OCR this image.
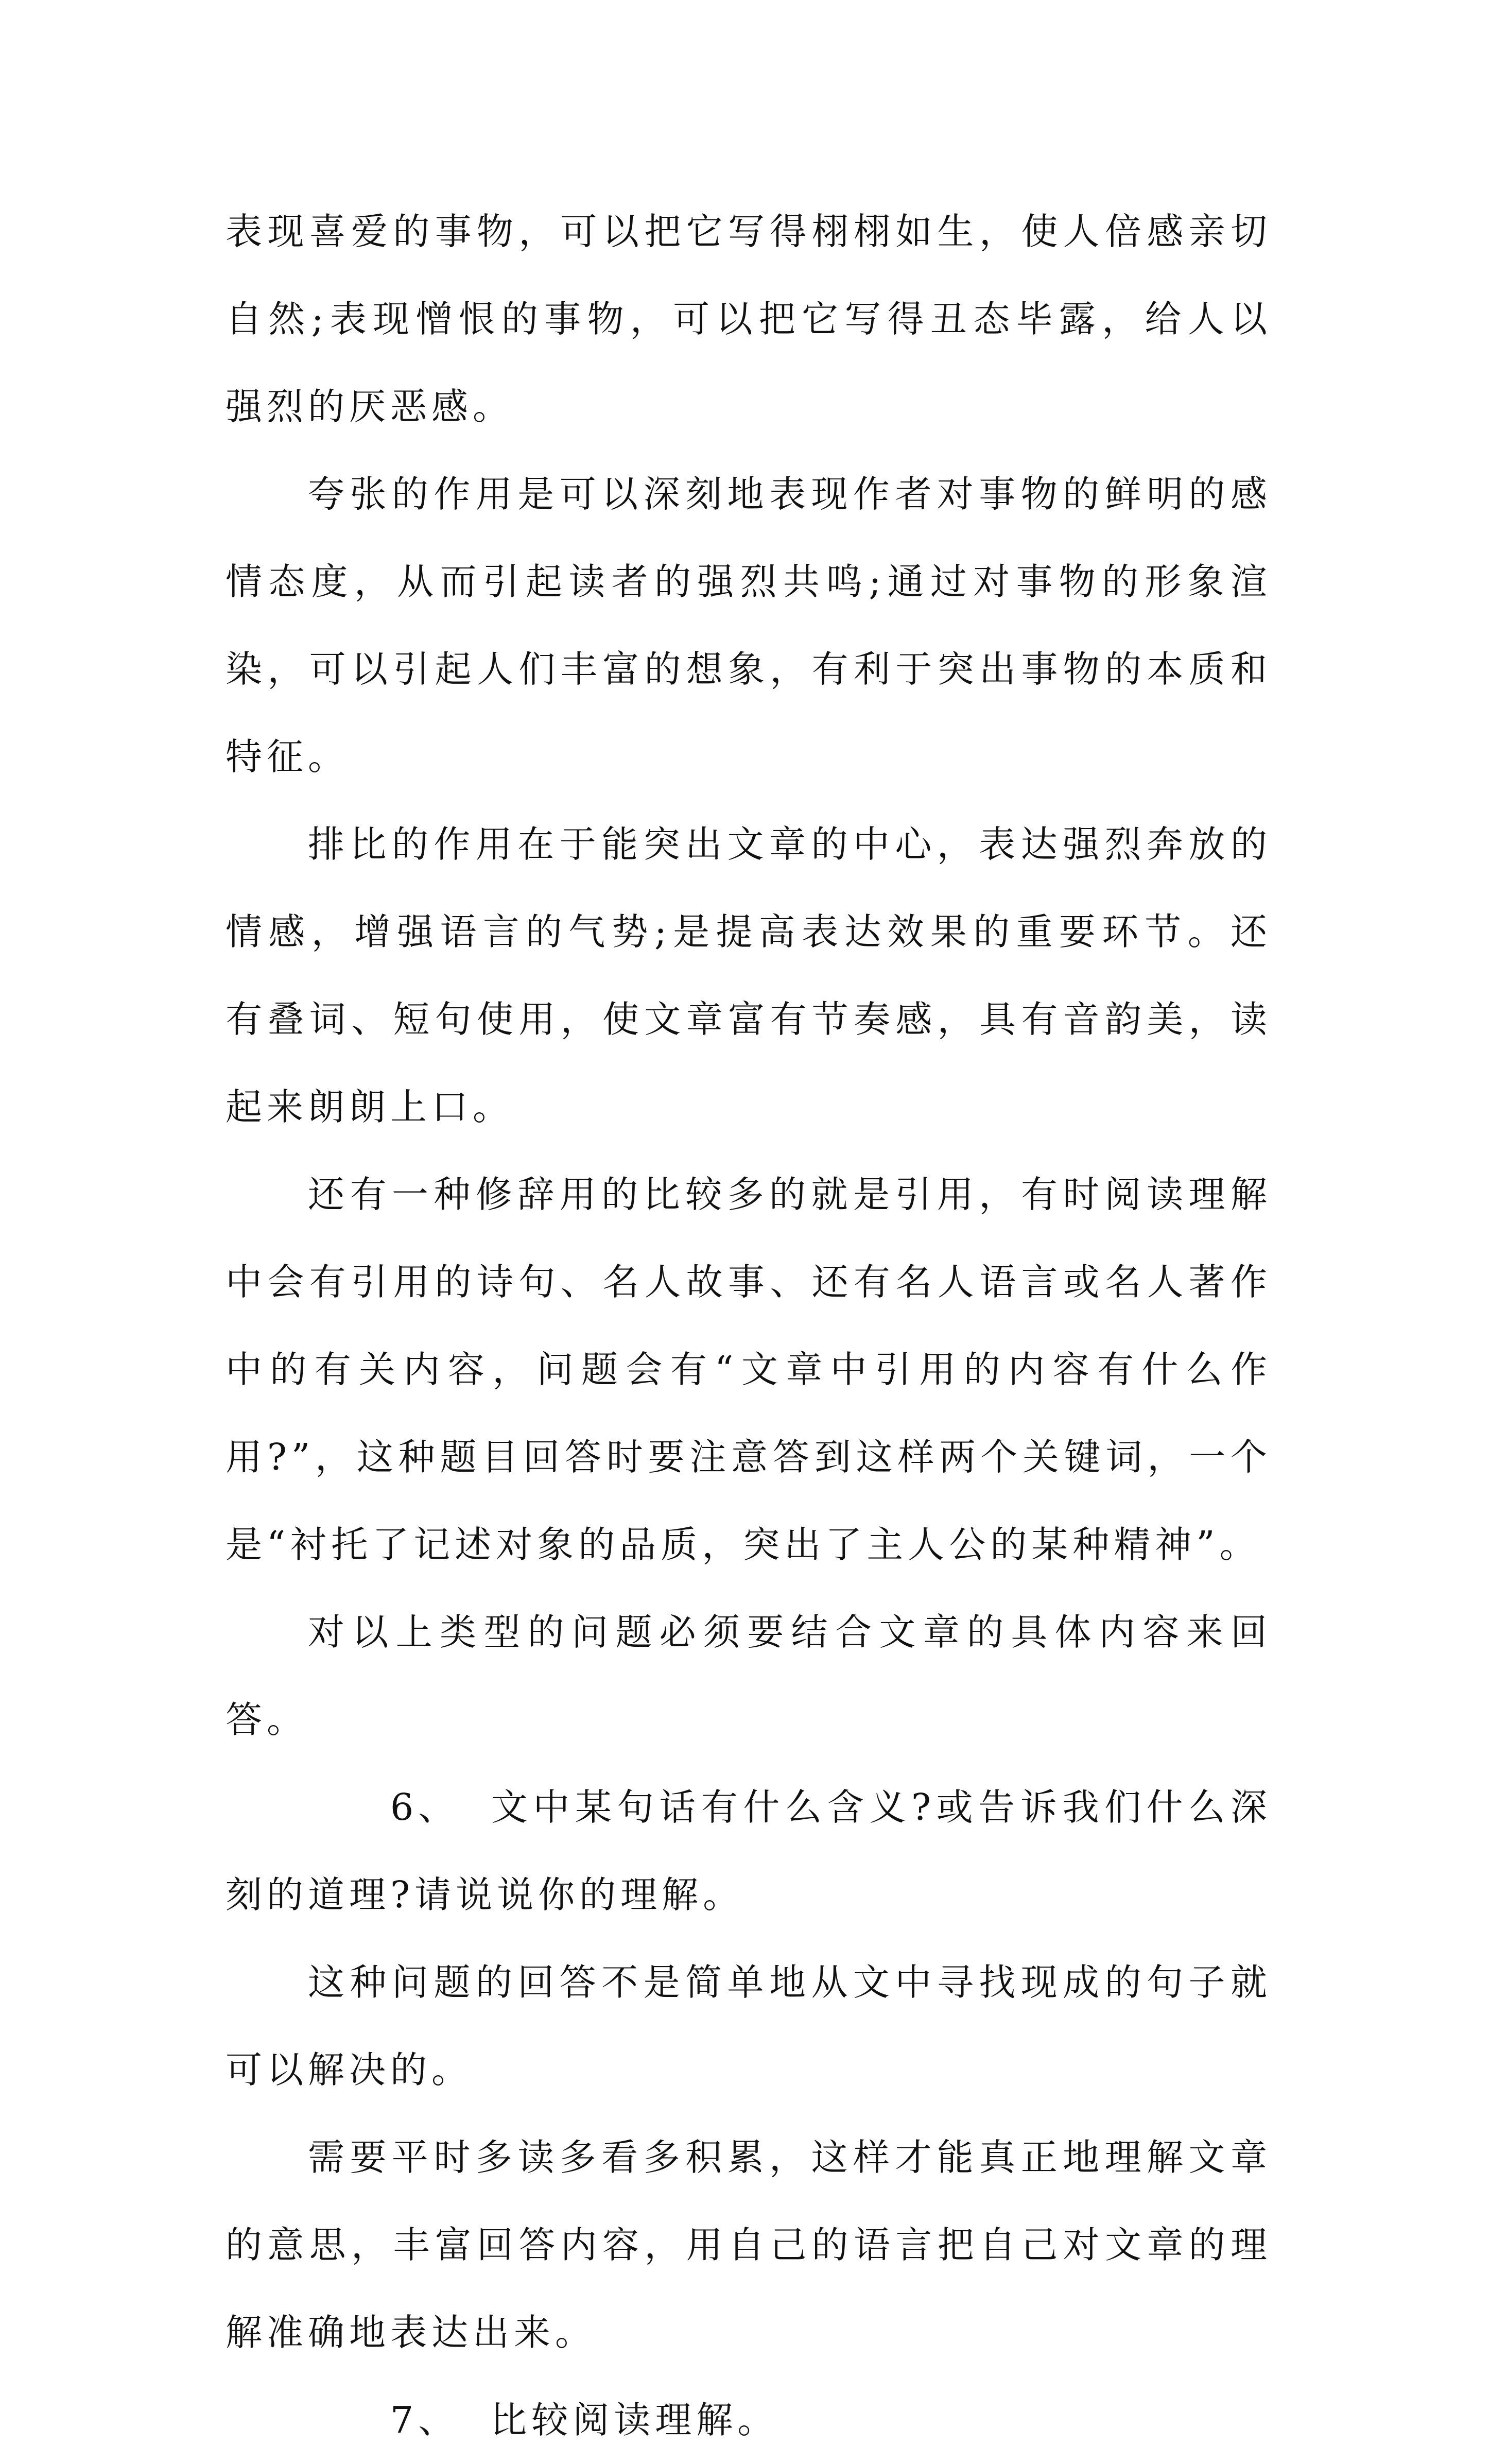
表现喜爱的事物，可以把它写得栩栩如生，使人倍感亲切自然;表现憎恨的事物，可以把它写得丑态毕露，给人以强烈的厌恶感。

夸张的作用是可以深刻地表现作者对事物的鲜明的感情态度，从而引起读者的强烈共鸣;通过对事物的形象渲染，可以引起人们丰富的想象，有利于突出事物的本质和特征。

排比的作用在于能突出文章的中心，表达强烈奔放的情感，增强语言的气势;是提高表达效果的重要环节。还有叠词、短句使用，使文章富有节奏感，具有音韵美，读起来朗朗上口。

还有一种修辞用的比较多的就是引用，有时阅读理解中会有引用的诗句、名人故事、还有名人语言或名人著作中的有关内容，问题会有“文章中引用的内容有什么作用?”，这种题目回答时要注意答到这样两个关键词，一个是“衬托了记述对象的品质，突出了主人公的某种精神”。

对以上类型的问题必须要结合文章的具体内容来回答。

6、 文中某句话有什么含义?或告诉我们什么深刻的道理?请说说你的理解。

这种问题的回答不是简单地从文中寻找现成的句子就可以解决的。

需要平时多读多看多积累，这样才能真正地理解文章的意思，丰富回答内容，用自己的语言把自己对文章的理解准确地表达出来。

7、 比较阅读理解。
